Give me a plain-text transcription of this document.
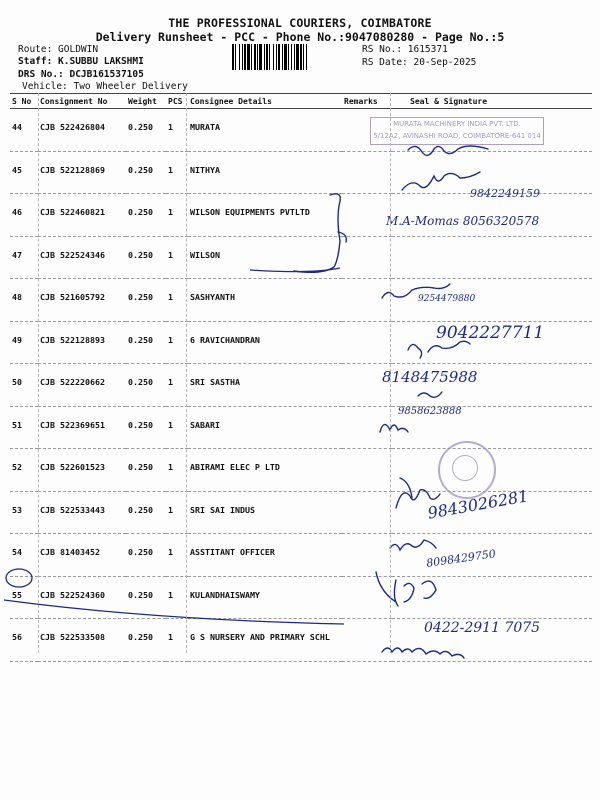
THE PROFESSIONAL COURIERS, COIMBATORE
Delivery Runsheet - PCC - Phone No.:9047080280 - Page No.:5
Route: GOLDWIN
Staff: K.SUBBU LAKSHMI
DRS No.: DCJB161537105
Vehicle: Two Wheeler Delivery
RS No.: 1615371
RS Date: 20-Sep-2025
S No	Consignment No	Weight	PCS	Consignee Details	Remarks	Seal & Signature

44	CJB 522426804	0.250	1	MURATA		

45	CJB 522128869	0.250	1	NITHYA		

46	CJB 522460821	0.250	1	WILSON EQUIPMENTS PVTLTD		

47	CJB 522524346	0.250	1	WILSON		

48	CJB 521605792	0.250	1	SASHYANTH		

49	CJB 522128893	0.250	1	6 RAVICHANDRAN		

50	CJB 522220662	0.250	1	SRI SASTHA		

51	CJB 522369651	0.250	1	SABARI		

52	CJB 522601523	0.250	1	ABIRAMI ELEC P LTD		

53	CJB 522533443	0.250	1	SRI SAI INDUS		

54	CJB 81403452	0.250	1	ASSTITANT OFFICER		

55	CJB 522524360	0.250	1	KULANDHAISWAMY		

56	CJB 522533508	0.250	1	G S NURSERY AND PRIMARY SCHL		

MURATA MACHINERY INDIA PVT. LTD.
5/12A2, AVINASHI ROAD, COIMBATORE-641 014
9842249159
M.A-Momas 8056320578
9254479880
9042227711
8148475988
9858623888
9843026281
8098429750
0422-2911 7075
